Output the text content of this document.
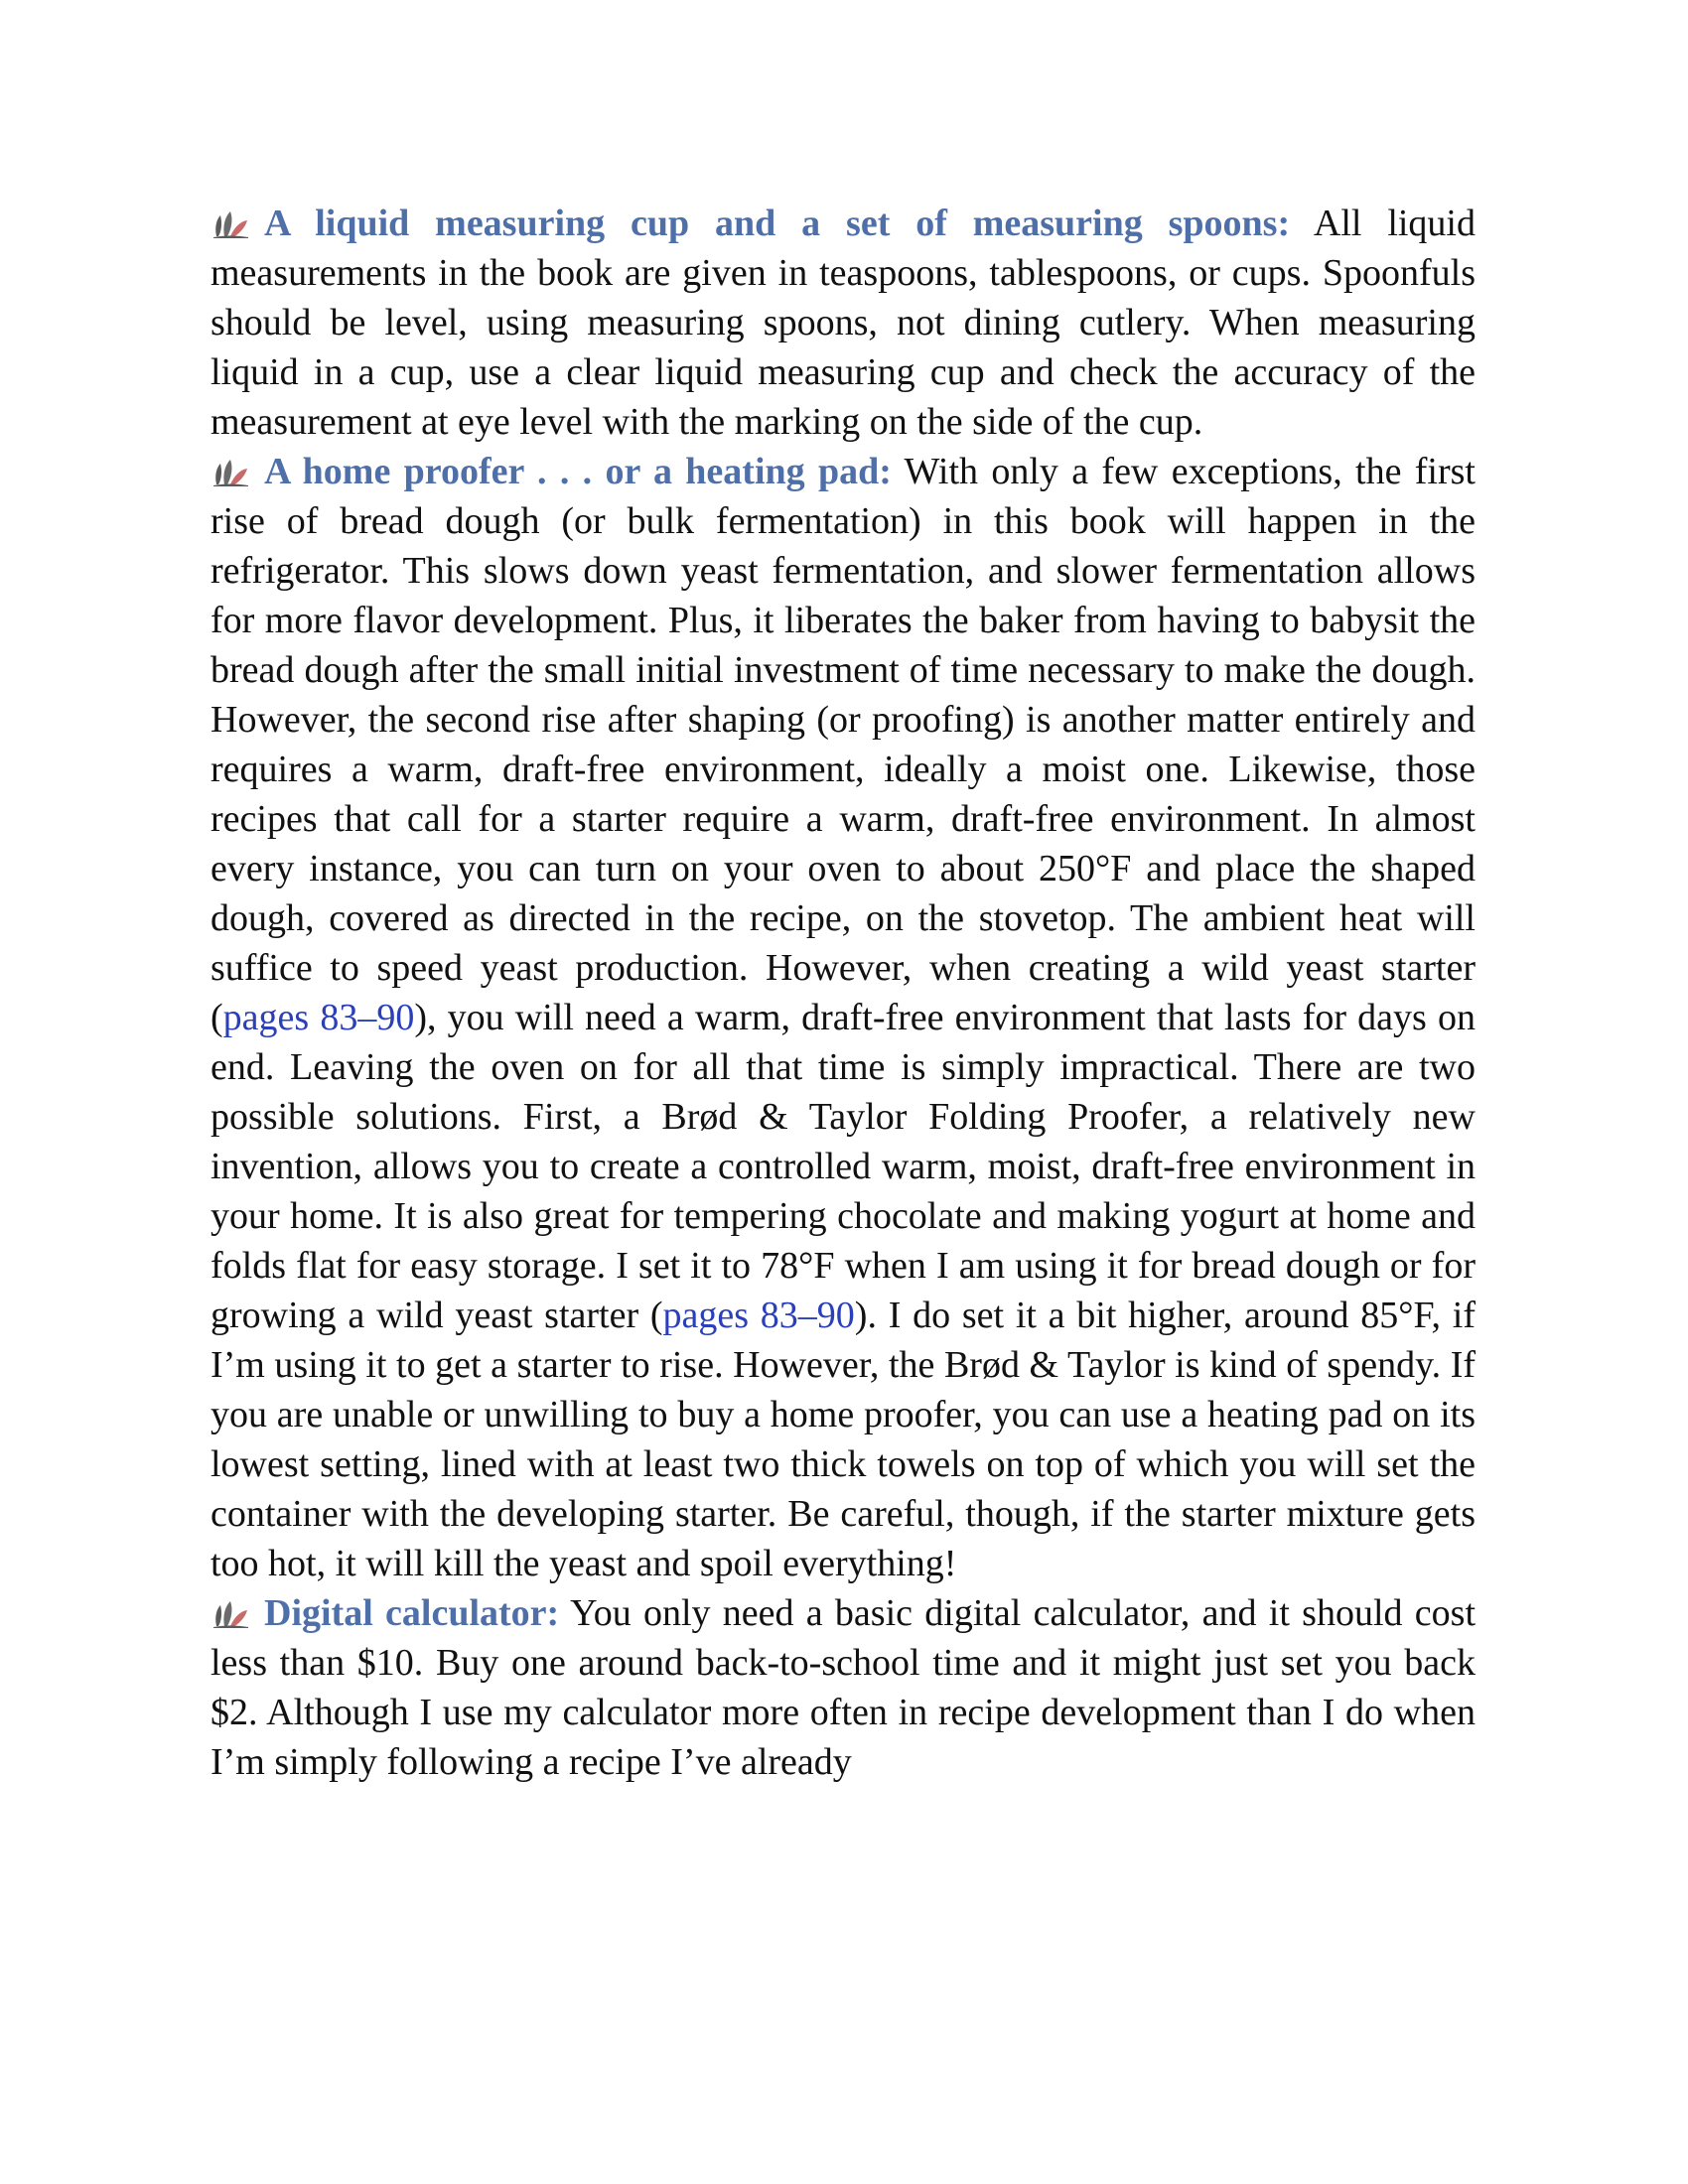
A liquid measuring cup and a set of measuring spoons: All liquid measurements in the book are given in teaspoons, tablespoons, or cups. Spoonfuls should be level, using measuring spoons, not dining cutlery. When measuring liquid in a cup, use a clear liquid measuring cup and check the accuracy of the measurement at eye level with the marking on the side of the cup.

A home proofer . . . or a heating pad: With only a few exceptions, the first rise of bread dough (or bulk fermentation) in this book will happen in the refrigerator. This slows down yeast fermentation, and slower fermentation allows for more flavor development. Plus, it liberates the baker from having to babysit the bread dough after the small initial investment of time necessary to make the dough. However, the second rise after shaping (or proofing) is another matter entirely and requires a warm, draft-free environment, ideally a moist one. Likewise, those recipes that call for a starter require a warm, draft-free environment. In almost every instance, you can turn on your oven to about 250°F and place the shaped dough, covered as directed in the recipe, on the stovetop. The ambient heat will suffice to speed yeast production. However, when creating a wild yeast starter (pages 83–90), you will need a warm, draft-free environment that lasts for days on end. Leaving the oven on for all that time is simply impractical. There are two possible solutions. First, a Brød & Taylor Folding Proofer, a relatively new invention, allows you to create a controlled warm, moist, draft-free environment in your home. It is also great for tempering chocolate and making yogurt at home and folds flat for easy storage. I set it to 78°F when I am using it for bread dough or for growing a wild yeast starter (pages 83–90). I do set it a bit higher, around 85°F, if I’m using it to get a starter to rise. However, the Brød & Taylor is kind of spendy. If you are unable or unwilling to buy a home proofer, you can use a heating pad on its lowest setting, lined with at least two thick towels on top of which you will set the container with the developing starter. Be careful, though, if the starter mixture gets too hot, it will kill the yeast and spoil everything!

Digital calculator: You only need a basic digital calculator, and it should cost less than $10. Buy one around back-to-school time and it might just set you back $2. Although I use my calculator more often in recipe development than I do when I’m simply following a recipe I’ve already
